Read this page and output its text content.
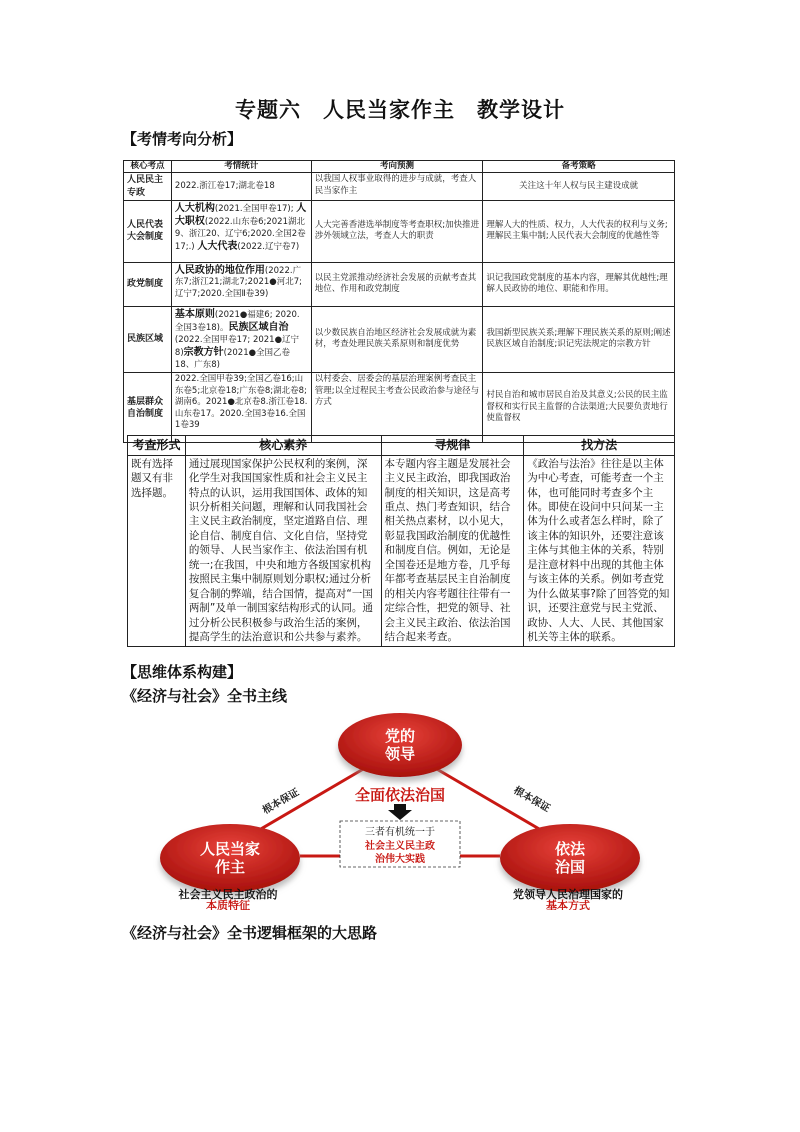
专题六　人民当家作主　教学设计
【考情考向分析】
核心考点	考情统计	考向预测	备考策略
人民民主专政	2022.浙江卷17;湖北卷18	以我国人权事业取得的进步与成就，考查人民当家作主	关注这十年人权与民主建设成就
人民代表大会制度	人大机构(2021.全国甲卷17); 人大职权(2022.山东卷6;2021湖北9、浙江20、辽宁6;2020.全国2卷17;.) 人大代表(2022.辽宁卷7)	人大完善香港选举制度等考查职权;加快推进涉外领域立法，考查人大的职责	理解人大的性质、权力，人大代表的权利与义务;理解民主集中制;人民代表大会制度的优越性等
政党制度	人民政协的地位作用(2022.广东7;浙江21;湖北7;2021●河北7;辽宁7;2020.全国Ⅱ卷39)	以民主党派推动经济社会发展的贡献考查其地位、作用和政党制度	识记我国政党制度的基本内容，理解其优越性;理解人民政协的地位、职能和作用。
民族区域	基本原则(2021●福建6; 2020.全国3卷18)。民族区域自治(2022.全国甲卷17; 2021●辽宁8)宗教方针(2021●全国乙卷18、广东8)	以少数民族自治地区经济社会发展成就为素材，考查处理民族关系原则和制度优势	我国新型民族关系;理解下理民族关系的原则;阐述民族区域自治制度;识记宪法规定的宗教方针
基层群众自治制度	2022.全国甲卷39;全国乙卷16;山东卷5;北京卷18;广东卷8;湖北卷8;湖南6。2021●北京卷8.浙江卷18.山东卷17。2020.全国3卷16.全国1卷39	以村委会、居委会的基层治理案例考查民主管理;以全过程民主考查公民政治参与途径与方式	村民自治和城市居民自治及其意义;公民的民主监督权和实行民主监督的合法渠道;大民要负责地行使监督权
考查形式	核心素养	寻规律	找方法
既有选择题又有非选择题。	通过展现国家保护公民权利的案例，深化学生对我国国家性质和社会主义民主特点的认识，运用我国国体、政体的知识分析相关问题，理解和认同我国社会主义民主政治制度，坚定道路自信、理论自信、制度自信、文化自信，坚持党的领导、人民当家作主、依法治国有机统一;在我国，中央和地方各级国家机构按照民主集中制原则划分职权;通过分析复合制的弊端，结合国情，提高对“一国两制”及单一制国家结构形式的认同。通过分析公民积极参与政治生活的案例，提高学生的法治意识和公共参与素养。	本专题内容主题是发展社会主义民主政治，即我国政治制度的相关知识，这是高考重点、热门考查知识，结合相关热点素材，以小见大，彰显我国政治制度的优越性和制度自信。例如，无论是全国卷还是地方卷，几乎每年都考查基层民主自治制度的相关内容考题往往带有一定综合性，把党的领导、社会主义民主政治、依法治国结合起来考查。	《政治与法治》往往是以主体为中心考查，可能考查一个主体，也可能同时考查多个主体。即使在设问中只问某一主体为什么或者怎么样时，除了该主体的知识外，还要注意该主体与其他主体的关系，特别是注意材料中出现的其他主体与该主体的关系。例如考查党为什么做某事?除了回答党的知识，还要注意党与民主党派、政协、人大、人民、其他国家机关等主体的联系。
【思维体系构建】
《经济与社会》全书主线
根本保证	根本保证
党的
领导
人民当家
作主
依法
治国
全面依法治国
三者有机统一于
社会主义民主政
治伟大实践
社会主义民主政治的
本质特征
党领导人民治理国家的
基本方式
《经济与社会》全书逻辑框架的大思路
